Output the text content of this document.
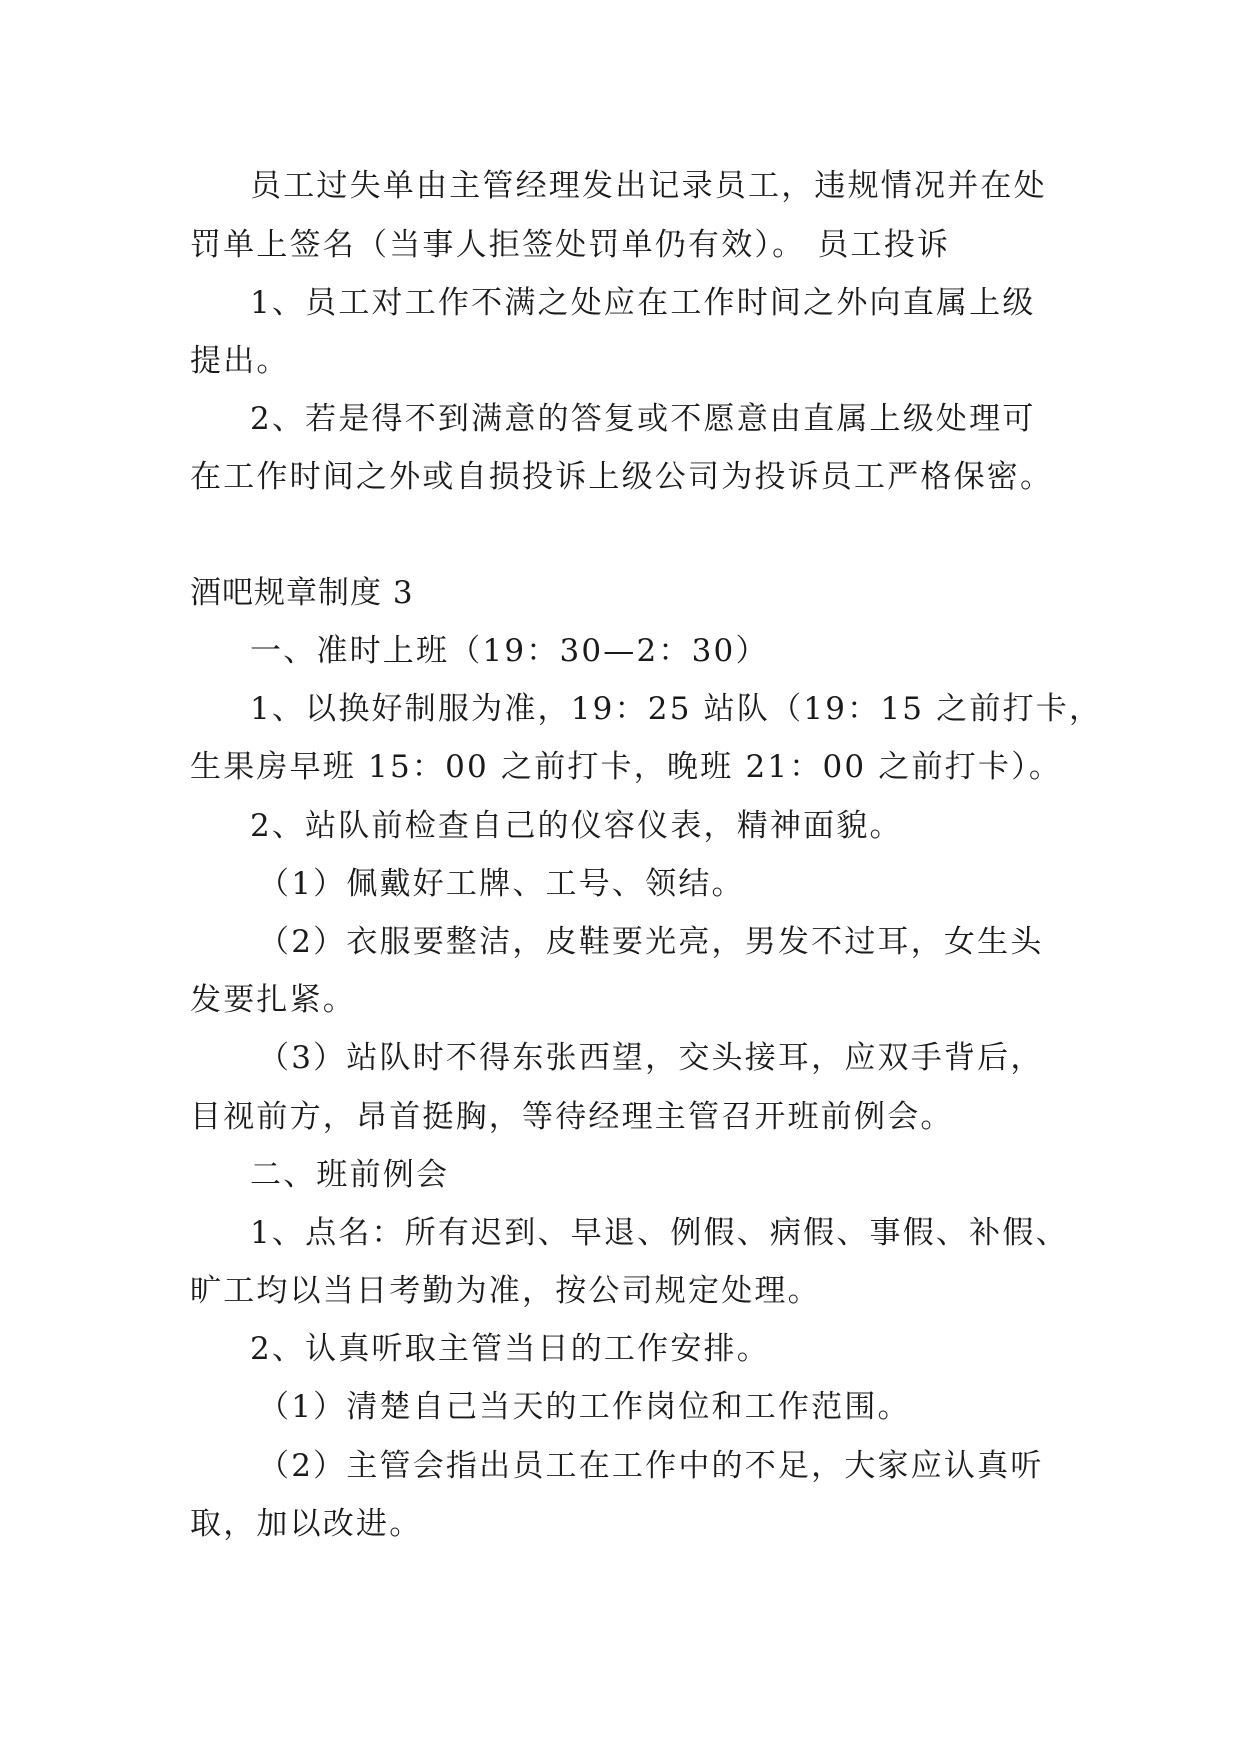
员工过失单由主管经理发出记录员工，违规情况并在处
罚单上签名（当事人拒签处罚单仍有效）。 员工投诉
1、员工对工作不满之处应在工作时间之外向直属上级
提出。
2、若是得不到满意的答复或不愿意由直属上级处理可
在工作时间之外或自损投诉上级公司为投诉员工严格保密。
酒吧规章制度 3
一、准时上班（19：30—2：30）
1、以换好制服为准，19：25 站队（19：15 之前打卡，
生果房早班 15：00 之前打卡，晚班 21：00 之前打卡）。
2、站队前检查自己的仪容仪表，精神面貌。
（1）佩戴好工牌、工号、领结。
（2）衣服要整洁，皮鞋要光亮，男发不过耳，女生头
发要扎紧。
（3）站队时不得东张西望，交头接耳，应双手背后，
目视前方，昂首挺胸，等待经理主管召开班前例会。
二、班前例会
1、点名：所有迟到、早退、例假、病假、事假、补假、
旷工均以当日考勤为准，按公司规定处理。
2、认真听取主管当日的工作安排。
（1）清楚自己当天的工作岗位和工作范围。
（2）主管会指出员工在工作中的不足，大家应认真听
取，加以改进。
